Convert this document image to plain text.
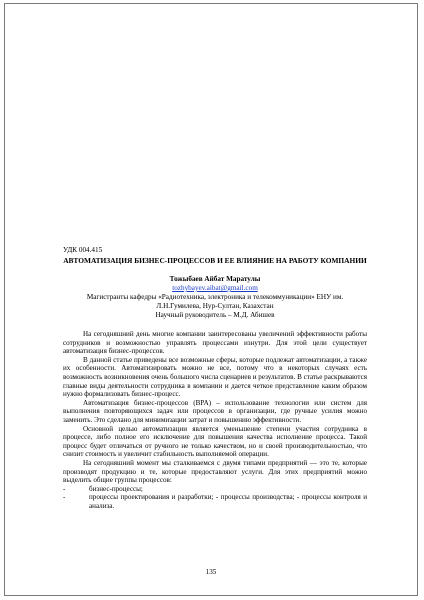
УДК 004.415

АВТОМАТИЗАЦИЯ БИЗНЕС-ПРОЦЕССОВ И ЕЕ ВЛИЯНИЕ НА РАБОТУ КОМПАНИИ

Тожыбаев Айбат Маратулы

tozhybayev.aibat@gmail.com

Магистранты кафедры «Радиотехника, электроника и телекоммуникации» ЕНУ им.

Л.Н.Гумилева, Нур-Султан, Казахстан

Научный руководитель – М.Д. Абишев

На сегодняшний день многие компании заинтересованы увеличений эффективности работы сотрудников и возможностью управлять процессами изнутри. Для этой цели существует автоматизация бизнес-процессов.

В данной статье приведены все возможные сферы, которые подлежат автоматизации, а также их особенности. Автоматизировать можно не все, потому что в некоторых случаях есть возможность возникновения очень большого числа сценариев и результатов. В статье раскрываются главные виды деятельности сотрудника в компании и дается четкое представление каким образом нужно формализовать бизнес-процесс.

Автоматизация бизнес-процессов (BPA) – использование технологии или систем для выполнения повторяющихся задач или процессов в организации, где ручные усилия можно заменить. Это сделано для минимизации затрат и повышению эффективности.

Основной целью автоматизации является уменьшение степени участия сотрудника в процессе, либо полное его исключение для повышения качества исполнение процесса. Такой процесс будет отличаться от ручного не только качеством, но и своей производительностью, что снизит стоимость и увеличит стабильность выполняемой операции.

На сегодняшний момент мы сталкиваемся с двумя типами предприятий — это те, которые производят продукцию и те, которые предоставляют услуги. Для этих предприятий можно выделить общие группы процессов:

-	бизнес-процессы;
-	процессы проектирования и разработки; - процессы производства; - процессы контроля и анализа.
135
